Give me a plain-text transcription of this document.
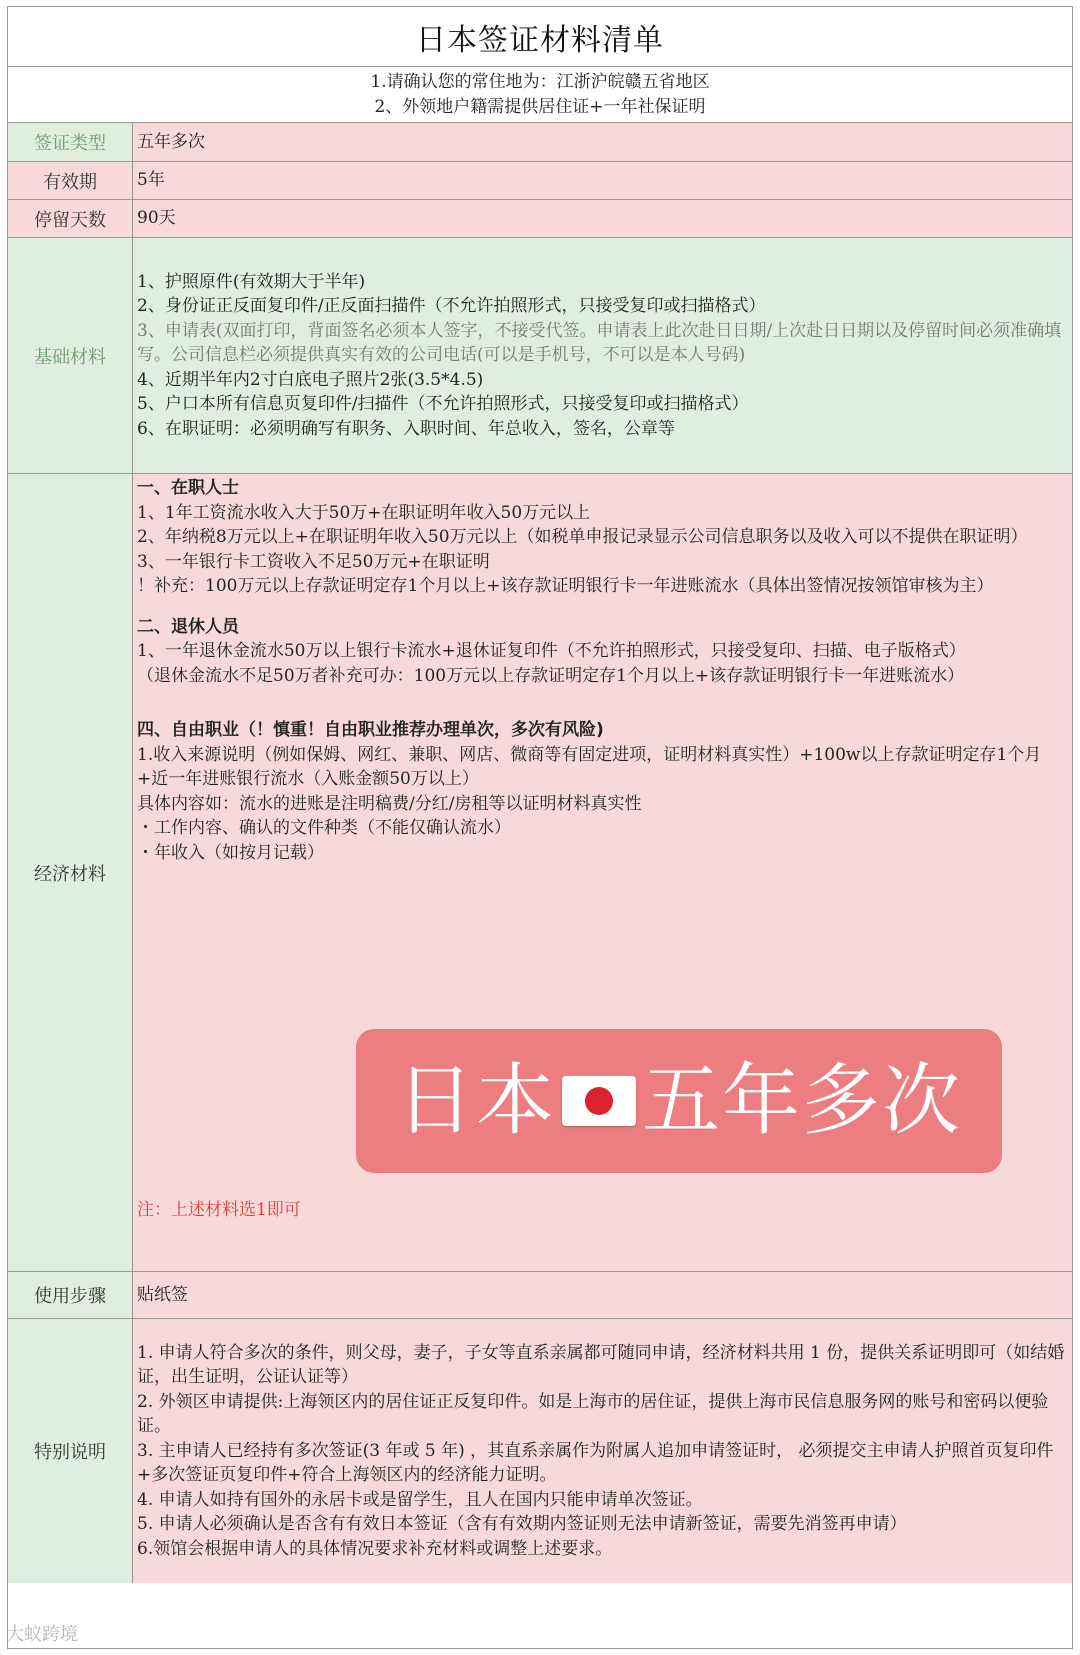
日本签证材料清单
1.请确认您的常住地为：江浙沪皖赣五省地区
2、外领地户籍需提供居住证+一年社保证明
签证类型	五年多次
有效期	5年
停留天数	90天
基础材料
1、护照原件(有效期大于半年)
2、身份证正反面复印件/正反面扫描件（不允许拍照形式，只接受复印或扫描格式）
3、申请表(双面打印，背面签名必须本人签字，不接受代签。申请表上此次赴日日期/上次赴日日期以及停留时间必须准确填写。公司信息栏必须提供真实有效的公司电话(可以是手机号，不可以是本人号码)
4、近期半年内2寸白底电子照片2张(3.5*4.5)
5、户口本所有信息页复印件/扫描件（不允许拍照形式，只接受复印或扫描格式）
6、在职证明：必须明确写有职务、入职时间、年总收入，签名，公章等
经济材料
一、在职人士
1、1年工资流水收入大于50万+在职证明年收入50万元以上
2、年纳税8万元以上+在职证明年收入50万元以上（如税单申报记录显示公司信息职务以及收入可以不提供在职证明）
3、一年银行卡工资收入不足50万元+在职证明
！补充：100万元以上存款证明定存1个月以上+该存款证明银行卡一年进账流水（具体出签情况按领馆审核为主）
二、退休人员
1、一年退休金流水50万以上银行卡流水+退休证复印件（不允许拍照形式，只接受复印、扫描、电子版格式）
（退休金流水不足50万者补充可办：100万元以上存款证明定存1个月以上+该存款证明银行卡一年进账流水）
四、自由职业（！慎重！自由职业推荐办理单次，多次有风险)
1.收入来源说明（例如保姆、网红、兼职、网店、微商等有固定进项，证明材料真实性）+100w以上存款证明定存1个月+近一年进账银行流水（入账金额50万以上）
具体内容如：流水的进账是注明稿费/分红/房租等以证明材料真实性
・工作内容、确认的文件种类（不能仅确认流水）
・年收入（如按月记载）
日本 五年多次
注：上述材料选1即可
使用步骤	贴纸签
特别说明
1. 申请人符合多次的条件，则父母，妻子，子女等直系亲属都可随同申请，经济材料共用 1 份，提供关系证明即可（如结婚证，出生证明，公证认证等）
2. 外领区申请提供:上海领区内的居住证正反复印件。如是上海市的居住证，提供上海市民信息服务网的账号和密码以便验证。
3. 主申请人已经持有多次签证(3 年或 5 年) ，其直系亲属作为附属人追加申请签证时， 必须提交主申请人护照首页复印件+多次签证页复印件+符合上海领区内的经济能力证明。
4. 申请人如持有国外的永居卡或是留学生，且人在国内只能申请单次签证。
5. 申请人必须确认是否含有有效日本签证（含有有效期内签证则无法申请新签证，需要先消签再申请）
6.领馆会根据申请人的具体情况要求补充材料或调整上述要求。
大蚁跨境
